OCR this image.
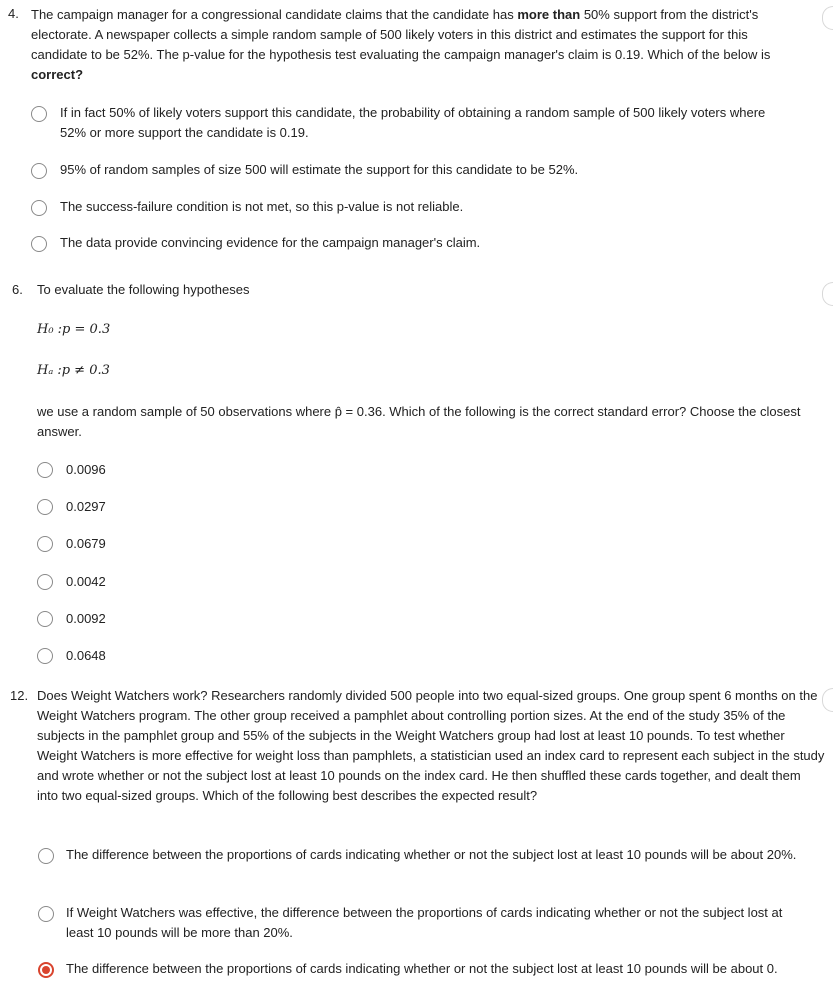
4. The campaign manager for a congressional candidate claims that the candidate has more than 50% support from the district's electorate. A newspaper collects a simple random sample of 500 likely voters in this district and estimates the support for this candidate to be 52%. The p-value for the hypothesis test evaluating the campaign manager's claim is 0.19. Which of the below is correct?
If in fact 50% of likely voters support this candidate, the probability of obtaining a random sample of 500 likely voters where 52% or more support the candidate is 0.19.
95% of random samples of size 500 will estimate the support for this candidate to be 52%.
The success-failure condition is not met, so this p-value is not reliable.
The data provide convincing evidence for the campaign manager's claim.
6. To evaluate the following hypotheses
H₀ :p = 0.3
Hₐ :p ≠ 0.3
we use a random sample of 50 observations where p̂ = 0.36. Which of the following is the correct standard error? Choose the closest answer.
0.0096
0.0297
0.0679
0.0042
0.0092
0.0648
12. Does Weight Watchers work? Researchers randomly divided 500 people into two equal-sized groups. One group spent 6 months on the Weight Watchers program. The other group received a pamphlet about controlling portion sizes. At the end of the study 35% of the subjects in the pamphlet group and 55% of the subjects in the Weight Watchers group had lost at least 10 pounds. To test whether Weight Watchers is more effective for weight loss than pamphlets, a statistician used an index card to represent each subject in the study and wrote whether or not the subject lost at least 10 pounds on the index card. He then shuffled these cards together, and dealt them into two equal-sized groups. Which of the following best describes the expected result?
The difference between the proportions of cards indicating whether or not the subject lost at least 10 pounds will be about 20%.
If Weight Watchers was effective, the difference between the proportions of cards indicating whether or not the subject lost at least 10 pounds will be more than 20%.
The difference between the proportions of cards indicating whether or not the subject lost at least 10 pounds will be about 0.
